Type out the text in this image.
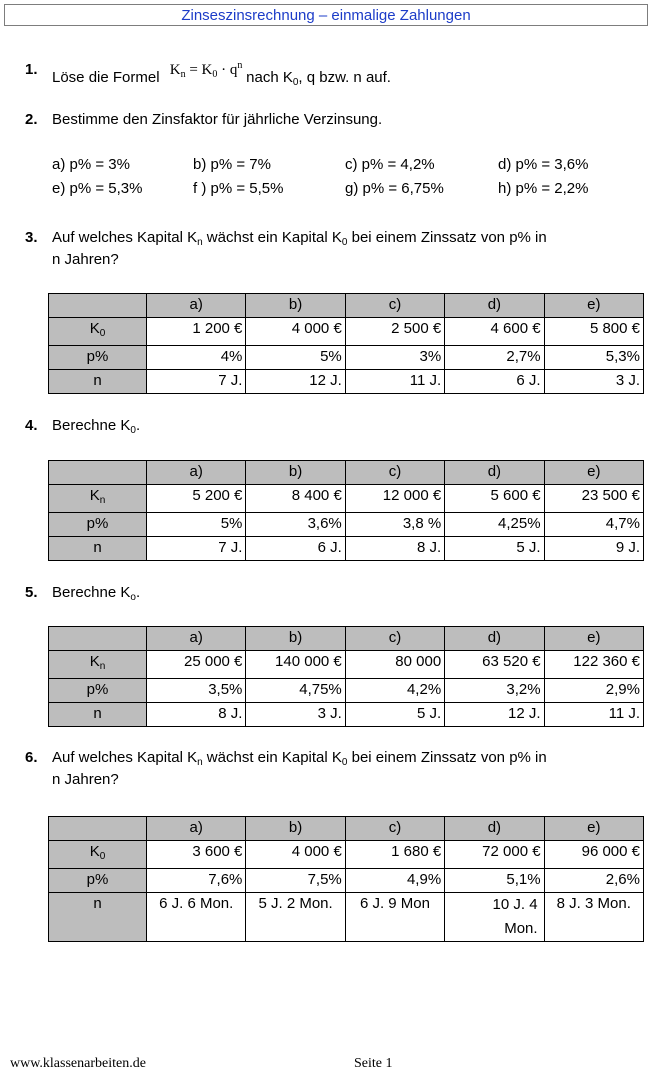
Zinseszinsrechnung – einmalige Zahlungen
1. Löse die Formel $K_n = K_0 \cdot q^n$ nach $K_0$, q bzw. n auf.
2. Bestimme den Zinsfaktor für jährliche Verzinsung.
a) p% = 3%	b) p% = 7%	c) p% = 4,2%	d) p% = 3,6%
e) p% = 5,3%	f ) p% = 5,5%	g) p% = 6,75%	h) p% = 2,2%
3. Auf welches Kapital $K_n$ wächst ein Kapital $K_0$ bei einem Zinssatz von p% in
n Jahren?
	a)	b)	c)	d)	e)
$K_0$	1 200 €	4 000 €	2 500 €	4 600 €	5 800 €
p%	4%	5%	3%	2,7%	5,3%
n	7 J.	12 J.	11 J.	6 J.	3 J.
4. Berechne $K_0$.
	a)	b)	c)	d)	e)
$K_n$	5 200 €	8 400 €	12 000 €	5 600 €	23 500 €
p%	5%	3,6%	3,8 %	4,25%	4,7%
n	7 J.	6 J.	8 J.	5 J.	9 J.
5. Berechne $K_o$.
	a)	b)	c)	d)	e)
$K_n$	25 000 €	140 000 €	80 000	63 520 €	122 360 €
p%	3,5%	4,75%	4,2%	3,2%	2,9%
n	8 J.	3 J.	5 J.	12 J.	11 J.
6. Auf welches Kapital $K_n$ wächst ein Kapital $K_0$ bei einem Zinssatz von p% in
n Jahren?
	a)	b)	c)	d)	e)
$K_0$	3 600 €	4 000 €	1 680 €	72 000 €	96 000 €
p%	7,6%	7,5%	4,9%	5,1%	2,6%
n	6 J. 6 Mon.	5 J. 2 Mon.	6 J. 9 Mon	10 J. 4 Mon.	8 J. 3 Mon.
www.klassenarbeiten.de	Seite 1
